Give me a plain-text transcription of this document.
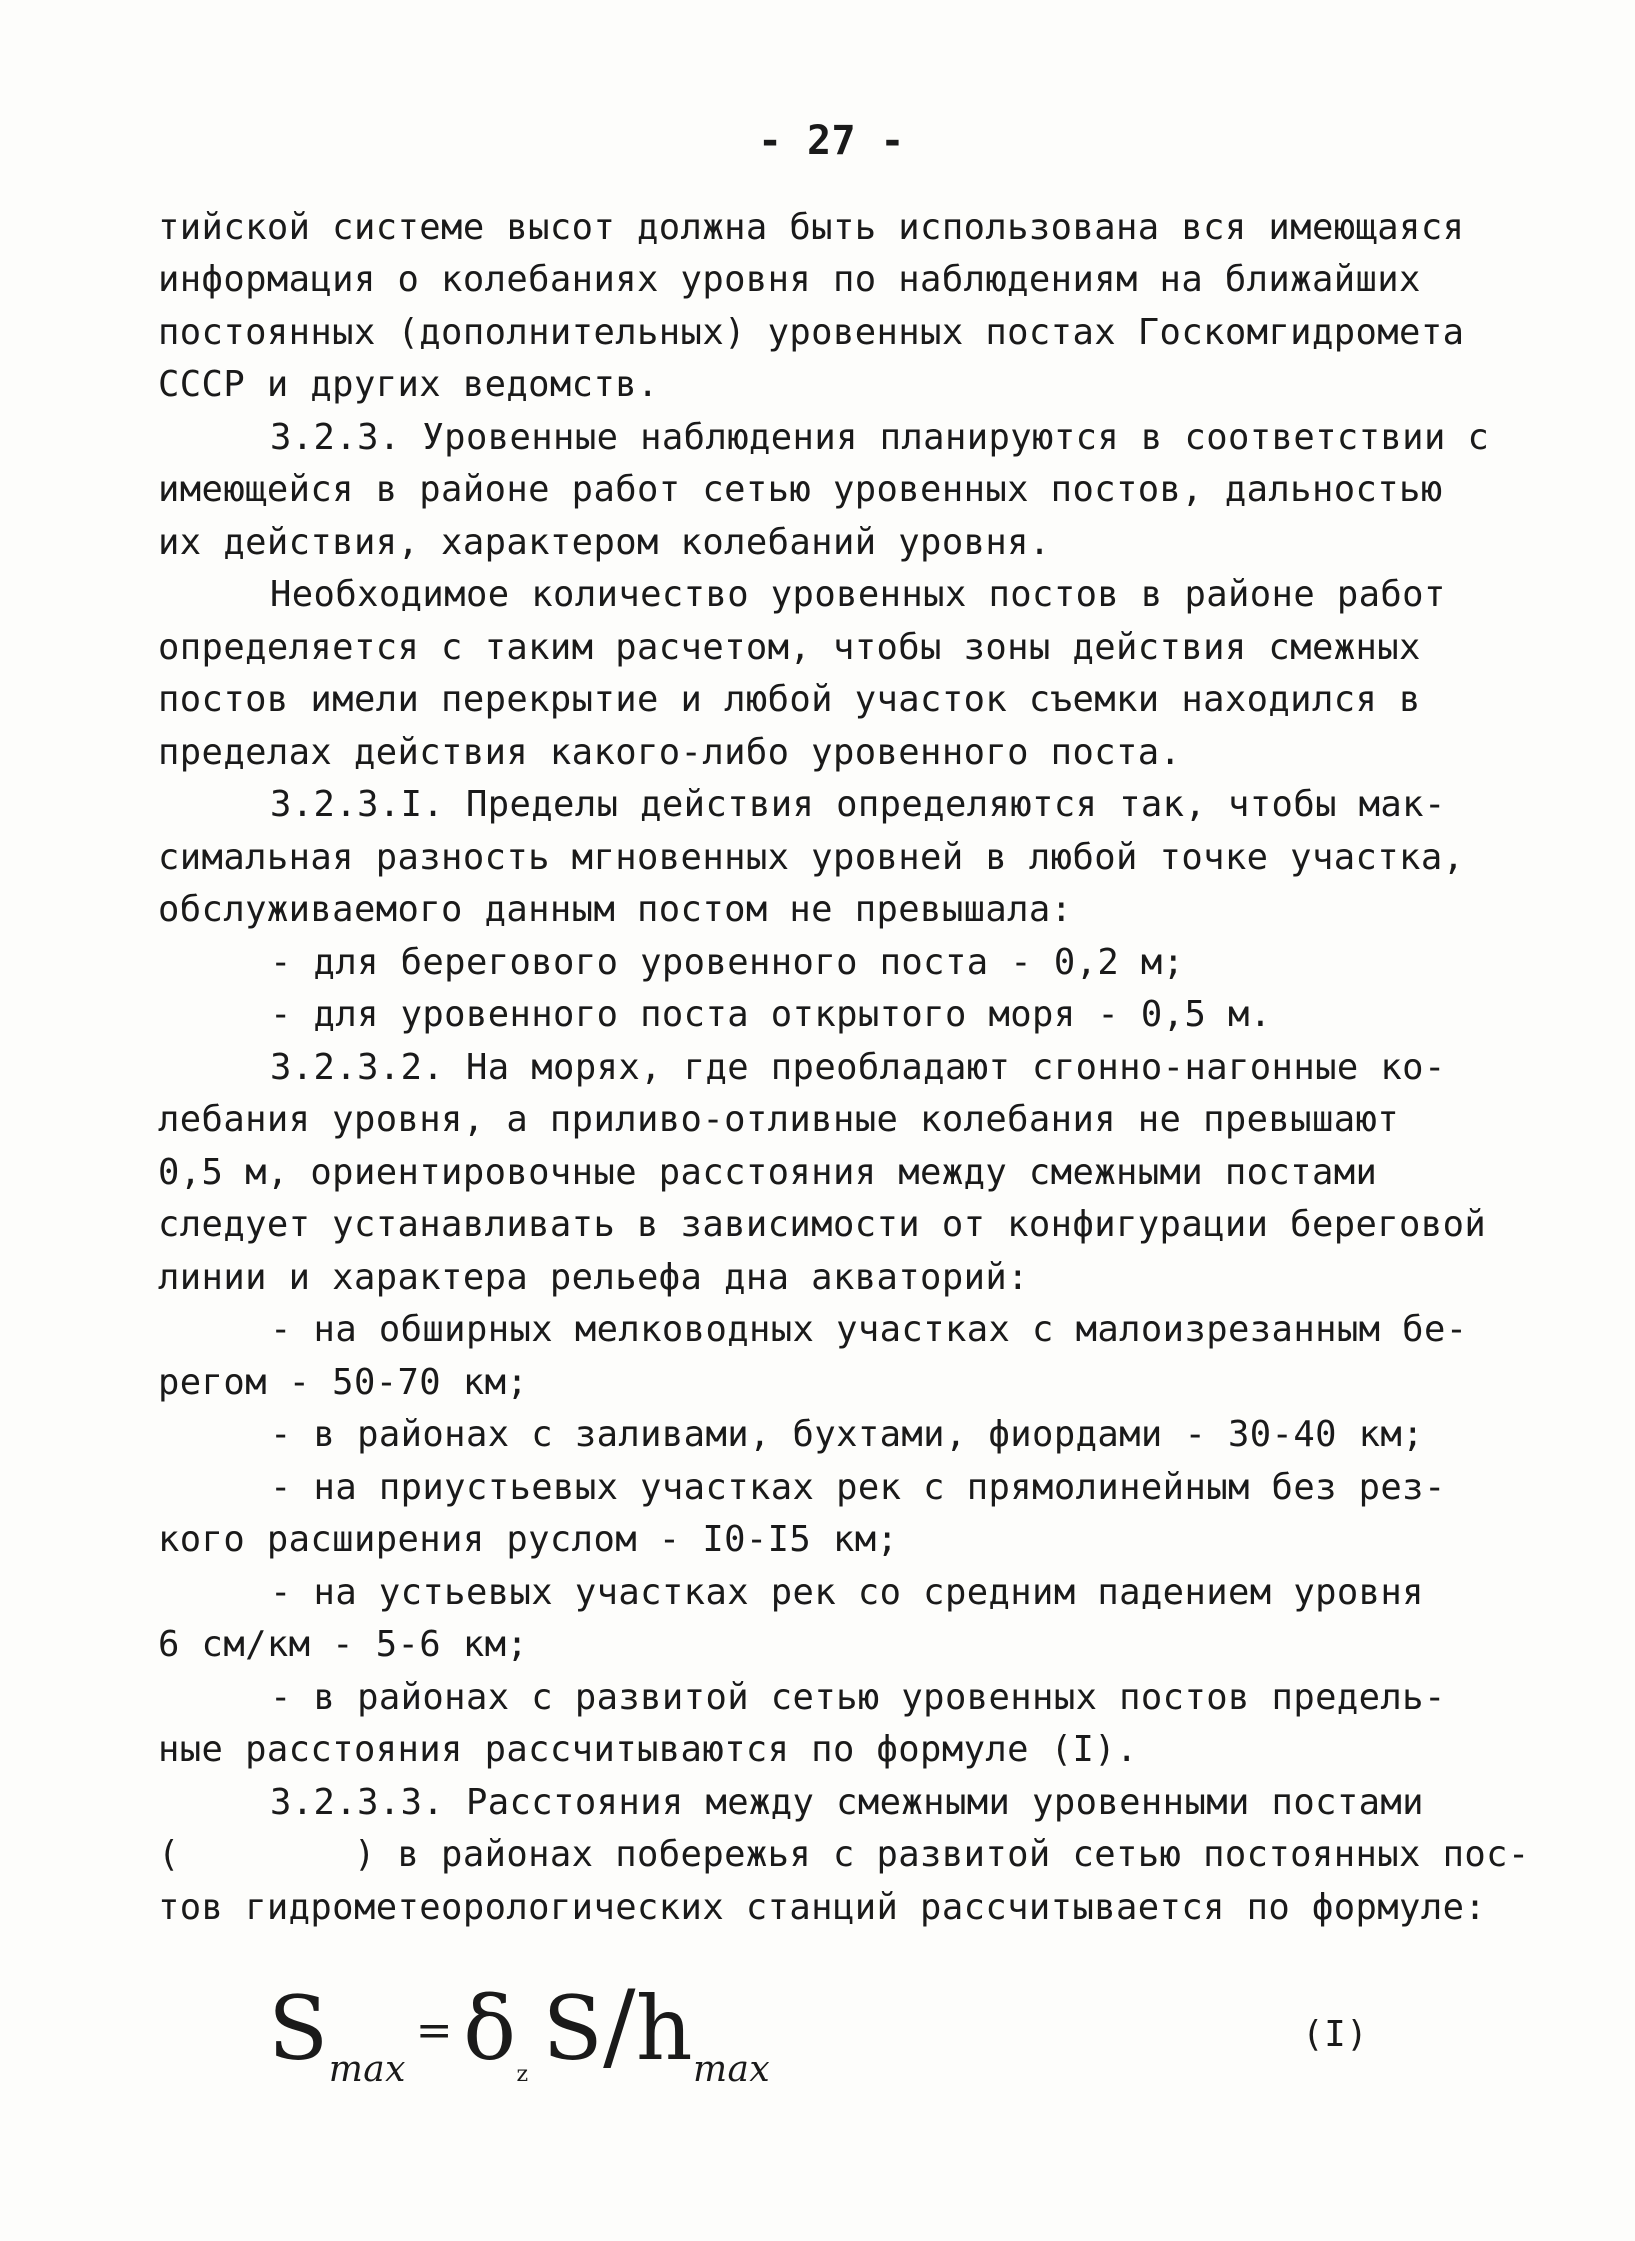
- 27 -
тийской системе высот должна быть использована вся имеющаяся
информация о колебаниях уровня по наблюдениям на ближайших
постоянных (дополнительных) уровенных постах Госкомгидромета
СССР и других ведомств.
3.2.3. Уровенные наблюдения планируются в соответствии с
имеющейся в районе работ сетью уровенных постов, дальностью
их действия, характером колебаний уровня.
Необходимое количество уровенных постов в районе работ
определяется с таким расчетом, чтобы зоны действия смежных
постов имели перекрытие и любой участок съемки находился в
пределах действия какого-либо уровенного поста.
3.2.3.I. Пределы действия определяются так, чтобы мак-
симальная разность мгновенных уровней в любой точке участка,
обслуживаемого данным постом не превышала:
- для берегового уровенного поста - 0,2 м;
- для уровенного поста открытого моря - 0,5 м.
3.2.3.2. На морях, где преобладают сгонно-нагонные ко-
лебания уровня, а приливо-отливные колебания не превышают
0,5 м, ориентировочные расстояния между смежными постами
следует устанавливать в зависимости от конфигурации береговой
линии и характера рельефа дна акваторий:
- на обширных мелководных участках с малоизрезанным бе-
регом - 50-70 км;
- в районах с заливами, бухтами, фиордами - 30-40 км;
- на приустьевых участках рек с прямолинейным без рез-
кого расширения руслом - I0-I5 км;
- на устьевых участках рек со средним падением уровня
6 см/км - 5-6 км;
- в районах с развитой сетью уровенных постов предель-
ные расстояния рассчитываются по формуле (I).
3.2.3.3. Расстояния между смежными уровенными постами
(        ) в районах побережья с развитой сетью постоянных пос-
тов гидрометеорологических станций рассчитывается по формуле:
$Smax= \delta_z$ S/hmax
(I)
